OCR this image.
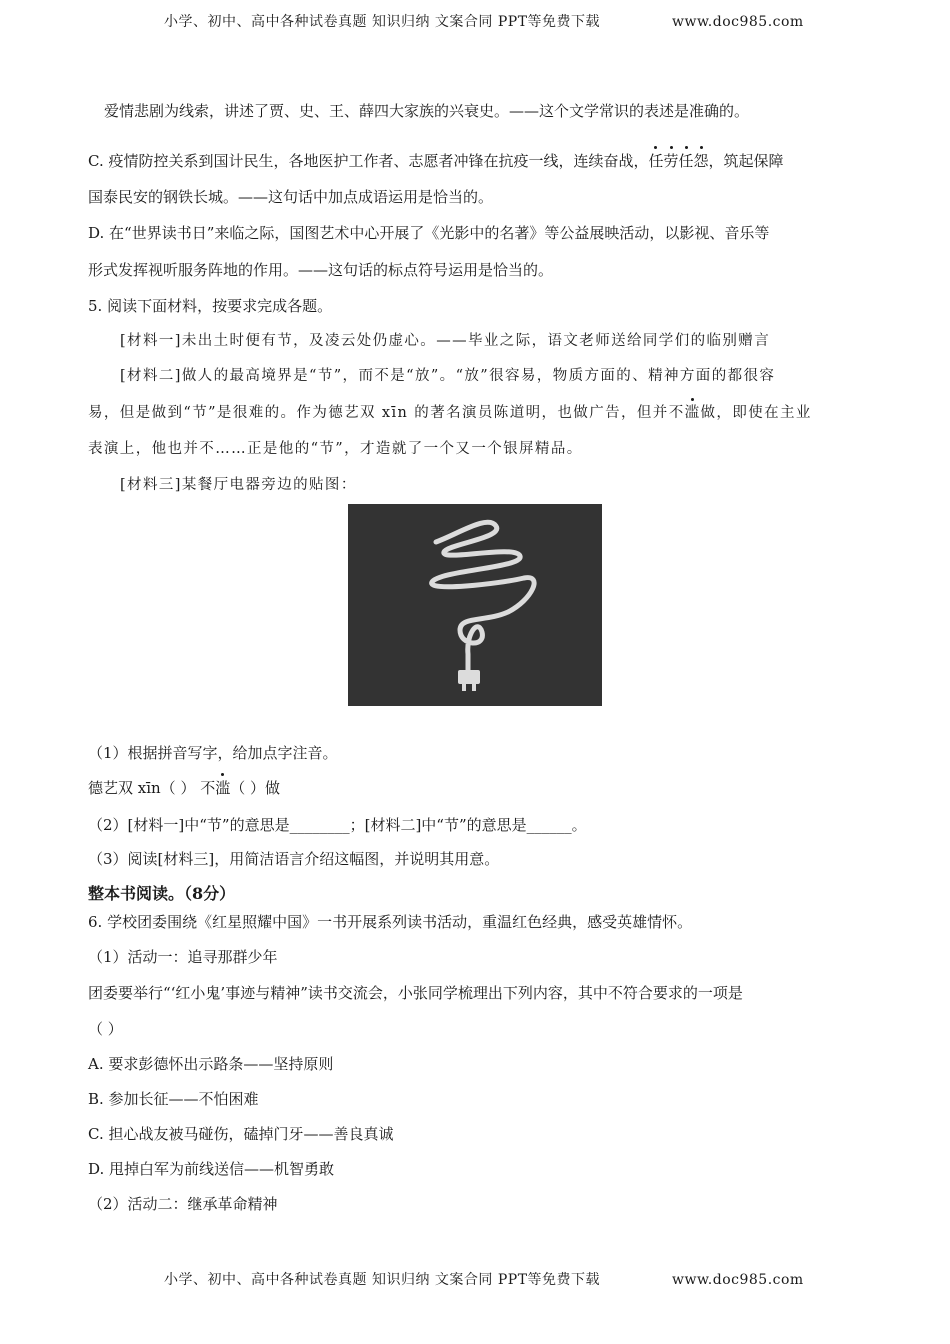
小学、初中、高中各种试卷真题 知识归纳 文案合同 PPT等免费下载	www.doc985.com
爱情悲剧为线索，讲述了贾、史、王、薛四大家族的兴衰史。——这个文学常识的表述是准确的。
C. 疫情防控关系到国计民生，各地医护工作者、志愿者冲锋在抗疫一线，连续奋战，任劳任怨，筑起保障
国泰民安的钢铁长城。——这句话中加点成语运用是恰当的。
D. 在“世界读书日”来临之际，国图艺术中心开展了《光影中的名著》等公益展映活动，以影视、音乐等
形式发挥视听服务阵地的作用。——这句话的标点符号运用是恰当的。
5. 阅读下面材料，按要求完成各题。
[材料一]未出土时便有节，及凌云处仍虚心。——毕业之际，语文老师送给同学们的临别赠言
[材料二]做人的最高境界是“节”，而不是“放”。“放”很容易，物质方面的、精神方面的都很容
易，但是做到“节”是很难的。作为德艺双 xīn 的著名演员陈道明，也做广告，但并不滥做，即使在主业
表演上，他也并不……正是他的“节”，才造就了一个又一个银屏精品。
[材料三]某餐厅电器旁边的贴图：
（1）根据拼音写字，给加点字注音。
德艺双 xīn（ ） 不滥（ ）做
（2）[材料一]中“节”的意思是________；[材料二]中“节”的意思是______。
（3）阅读[材料三]，用简洁语言介绍这幅图，并说明其用意。
整本书阅读。（8分）
6. 学校团委围绕《红星照耀中国》一书开展系列读书活动，重温红色经典，感受英雄情怀。
（1）活动一：追寻那群少年
团委要举行“‘红小鬼’事迹与精神”读书交流会，小张同学梳理出下列内容，其中不符合要求的一项是
（ ）
A. 要求彭德怀出示路条——坚持原则
B. 参加长征——不怕困难
C. 担心战友被马碰伤，磕掉门牙——善良真诚
D. 甩掉白军为前线送信——机智勇敢
（2）活动二：继承革命精神
小学、初中、高中各种试卷真题 知识归纳 文案合同 PPT等免费下载	www.doc985.com
